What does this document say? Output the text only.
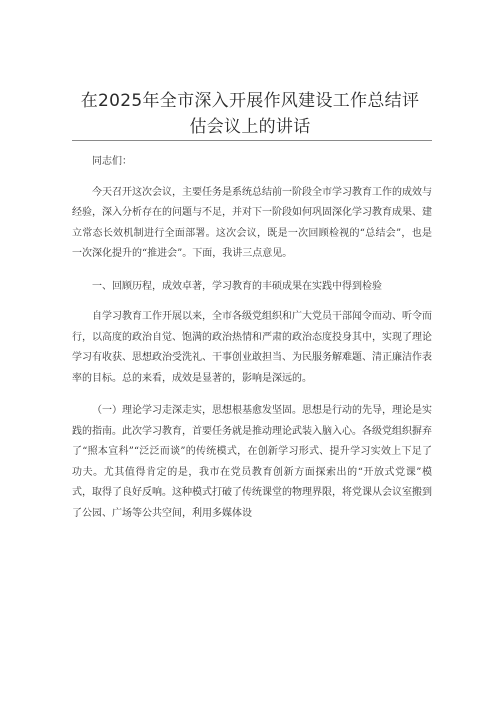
在2025年全市深入开展作风建设工作总结评
估会议上的讲话

同志们：

今天召开这次会议，主要任务是系统总结前一阶段全市学习教育工作的成效与经验，深入分析存在的问题与不足，并对下一阶段如何巩固深化学习教育成果、建立常态长效机制进行全面部署。这次会议，既是一次回顾检视的“总结会”，也是一次深化提升的“推进会”。下面，我讲三点意见。

一、回顾历程，成效卓著，学习教育的丰硕成果在实践中得到检验

自学习教育工作开展以来，全市各级党组织和广大党员干部闻令而动、听令而行，以高度的政治自觉、饱满的政治热情和严肃的政治态度投身其中，实现了理论学习有收获、思想政治受洗礼、干事创业敢担当、为民服务解难题、清正廉洁作表率的目标。总的来看，成效是显著的，影响是深远的。

（一）理论学习走深走实，思想根基愈发坚固。思想是行动的先导，理论是实践的指南。此次学习教育，首要任务就是推动理论武装入脑入心。各级党组织摒弃了“照本宣科”“泛泛而谈”的传统模式，在创新学习形式、提升学习实效上下足了功夫。尤其值得肯定的是，我市在党员教育创新方面探索出的“开放式党课”模式，取得了良好反响。这种模式打破了传统课堂的物理界限，将党课从会议室搬到了公园、广场等公共空间，利用多媒体设
